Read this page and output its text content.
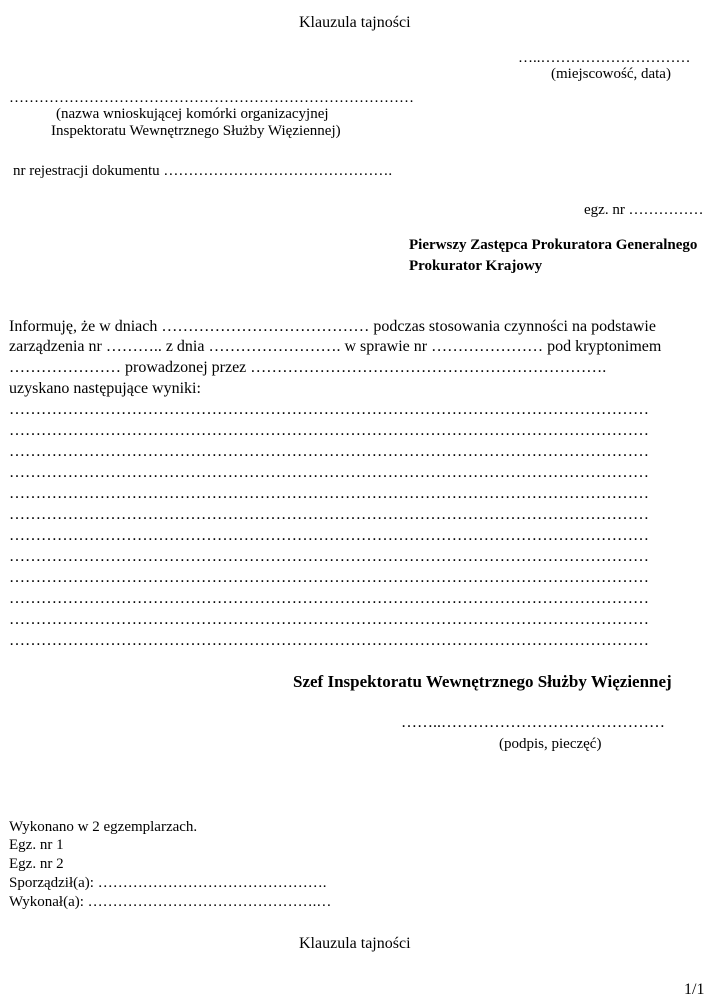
Klauzula tajności
…..…………………………
(miejscowość, data)
………………………………………………………………………
(nazwa wnioskującej komórki organizacyjnej
Inspektoratu Wewnętrznego Służby Więziennej)
nr rejestracji dokumentu ……………………………………….
egz. nr ……………
Pierwszy Zastępca Prokuratora Generalnego
Prokurator Krajowy
Informuję, że w dniach ………………………………… podczas stosowania czynności na podstawie
zarządzenia nr ……….. z dnia ……………………. w sprawie nr ………………… pod kryptonimem
………………… prowadzonej przez ………………………………………………………….
uzyskano następujące wyniki:
…………………………………………………………………………………………………………
…………………………………………………………………………………………………………
…………………………………………………………………………………………………………
…………………………………………………………………………………………………………
…………………………………………………………………………………………………………
…………………………………………………………………………………………………………
…………………………………………………………………………………………………………
…………………………………………………………………………………………………………
…………………………………………………………………………………………………………
…………………………………………………………………………………………………………
…………………………………………………………………………………………………………
…………………………………………………………………………………………………………
Szef Inspektoratu Wewnętrznego Służby Więziennej
……..……………………………………
(podpis, pieczęć)
Wykonano w 2 egzemplarzach.
Egz. nr 1
Egz. nr 2
Sporządził(a): ……………………………………….
Wykonał(a): ……………………………………….…
Klauzula tajności
1/1
